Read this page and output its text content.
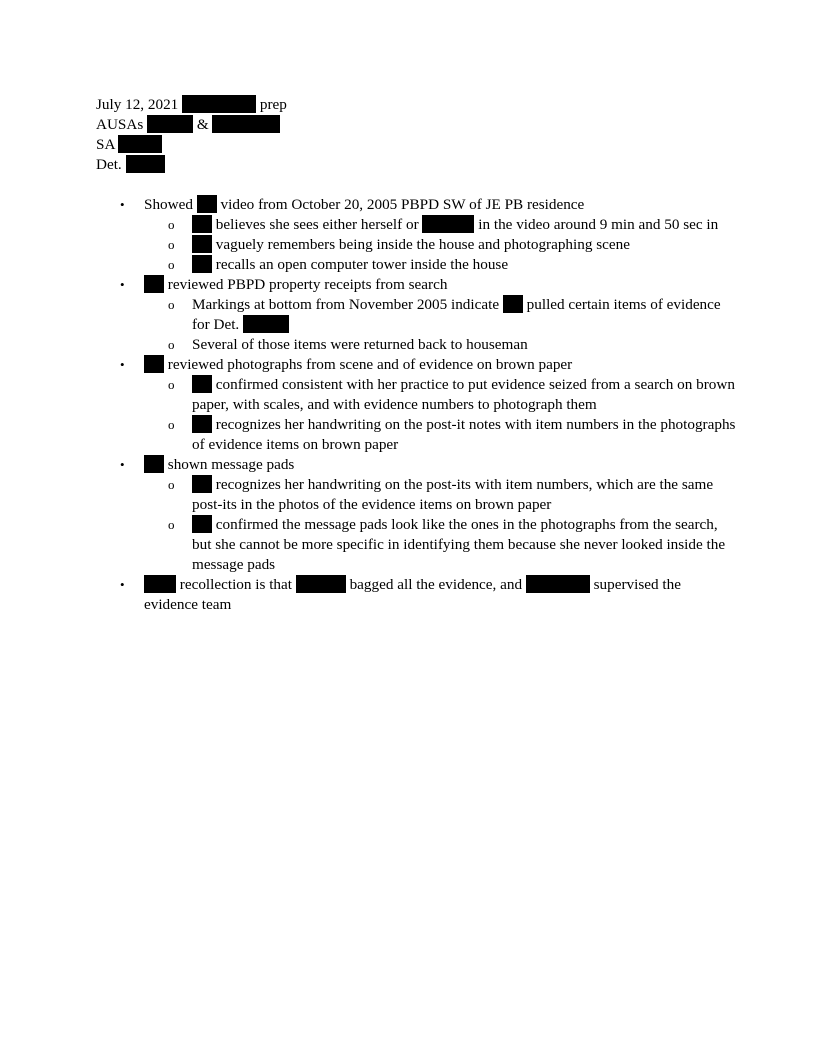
July 12, 2021	prep
AUSAs	&
SA
Det.
• Showed video from October 20, 2005 PBPD SW of JE PB residence
o	believes she sees either herself or	in the video around 9 min and 50 sec in
o	vaguely remembers being inside the house and photographing scene
o	recalls an open computer tower inside the house
•	reviewed PBPD property receipts from search
o Markings at bottom from November 2005 indicate pulled certain items of evidence for Det.
o Several of those items were returned back to houseman
•	reviewed photographs from scene and of evidence on brown paper
o	confirmed consistent with her practice to put evidence seized from a search on brown paper, with scales, and with evidence numbers to photograph them
o	recognizes her handwriting on the post-it notes with item numbers in the photographs of evidence items on brown paper
•	shown message pads
o	recognizes her handwriting on the post-its with item numbers, which are the same post-its in the photos of the evidence items on brown paper
o	confirmed the message pads look like the ones in the photographs from the search, but she cannot be more specific in identifying them because she never looked inside the message pads
•	recollection is that	bagged all the evidence, and	supervised the evidence team
